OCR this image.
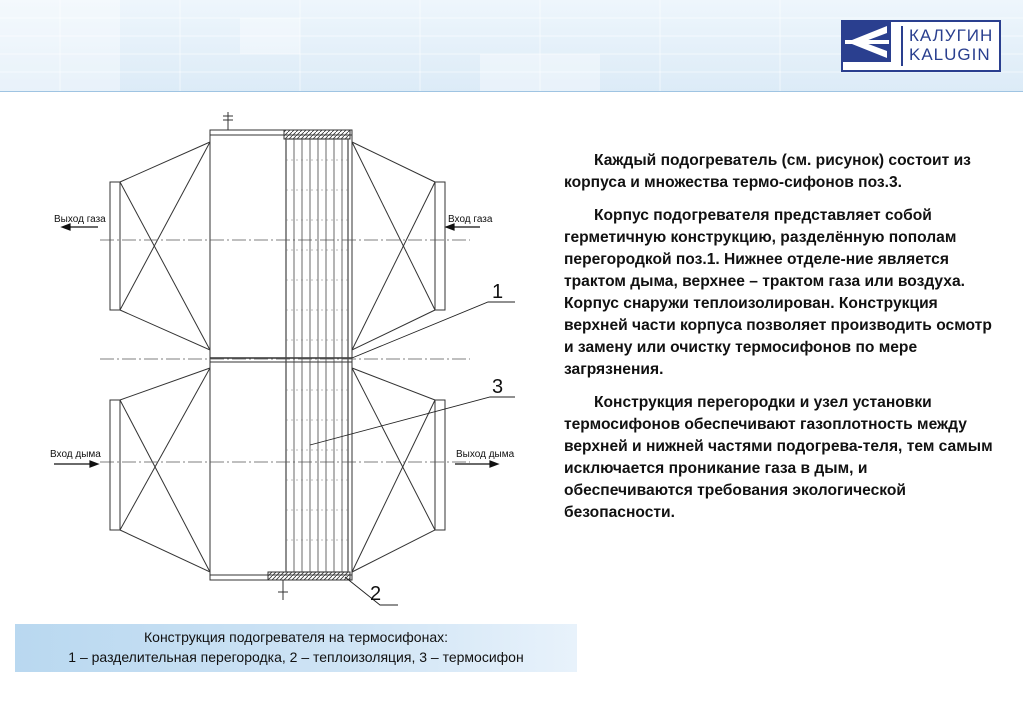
КАЛУГИН
KALUGIN
Выход газа	Вход газа
Вход дыма	Выход дыма
1
3
2

Каждый подогреватель (см. рисунок) состоит из корпуса и множества термо-сифонов поз.3.

Корпус подогревателя представляет собой герметичную конструкцию, разделённую пополам перегородкой поз.1. Нижнее отделе-ние является трактом дыма, верхнее – трактом газа или воздуха. Корпус снаружи теплоизолирован. Конструкция верхней части корпуса позволяет производить осмотр и замену или очистку термосифонов по мере загрязнения.

Конструкция перегородки и узел установки термосифонов обеспечивают газоплотность между верхней и нижней частями подогрева-теля, тем самым исключается проникание газа в дым, и обеспечиваются требования экологической безопасности.

Конструкция подогревателя на термосифонах:
1 – разделительная перегородка, 2 – теплоизоляция, 3 – термосифон
